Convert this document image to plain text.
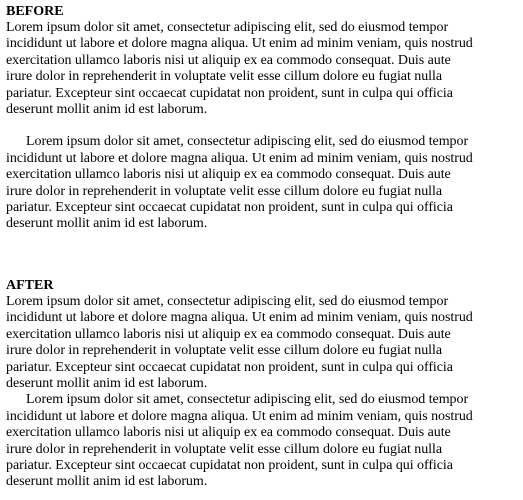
BEFORE

Lorem ipsum dolor sit amet, consectetur adipiscing elit, sed do eiusmod tempor
incididunt ut labore et dolore magna aliqua. Ut enim ad minim veniam, quis nostrud
exercitation ullamco laboris nisi ut aliquip ex ea commodo consequat. Duis aute
irure dolor in reprehenderit in voluptate velit esse cillum dolore eu fugiat nulla
pariatur. Excepteur sint occaecat cupidatat non proident, sunt in culpa qui officia
deserunt mollit anim id est laborum.

Lorem ipsum dolor sit amet, consectetur adipiscing elit, sed do eiusmod tempor
incididunt ut labore et dolore magna aliqua. Ut enim ad minim veniam, quis nostrud
exercitation ullamco laboris nisi ut aliquip ex ea commodo consequat. Duis aute
irure dolor in reprehenderit in voluptate velit esse cillum dolore eu fugiat nulla
pariatur. Excepteur sint occaecat cupidatat non proident, sunt in culpa qui officia
deserunt mollit anim id est laborum.

AFTER

Lorem ipsum dolor sit amet, consectetur adipiscing elit, sed do eiusmod tempor
incididunt ut labore et dolore magna aliqua. Ut enim ad minim veniam, quis nostrud
exercitation ullamco laboris nisi ut aliquip ex ea commodo consequat. Duis aute
irure dolor in reprehenderit in voluptate velit esse cillum dolore eu fugiat nulla
pariatur. Excepteur sint occaecat cupidatat non proident, sunt in culpa qui officia
deserunt mollit anim id est laborum.

Lorem ipsum dolor sit amet, consectetur adipiscing elit, sed do eiusmod tempor
incididunt ut labore et dolore magna aliqua. Ut enim ad minim veniam, quis nostrud
exercitation ullamco laboris nisi ut aliquip ex ea commodo consequat. Duis aute
irure dolor in reprehenderit in voluptate velit esse cillum dolore eu fugiat nulla
pariatur. Excepteur sint occaecat cupidatat non proident, sunt in culpa qui officia
deserunt mollit anim id est laborum.
